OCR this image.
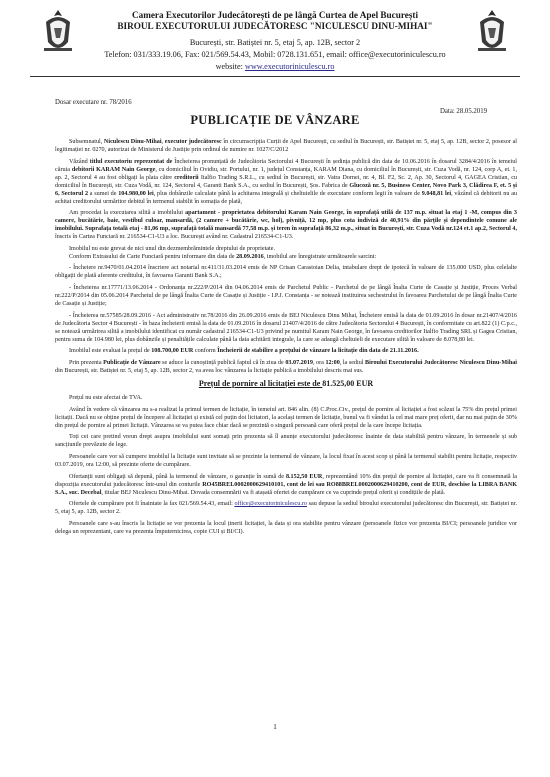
Camera Executorilor Judecătorești de pe lângă Curtea de Apel București
BIROUL EXECUTORULUI JUDECĂTORESC "NICULESCU DINU-MIHAI"
București, str. Batiștei nr. 5, etaj 5, ap. 12B, sector 2
Telefon: 031/333.19.06, Fax: 021/569.54.43, Mobil: 0728.131.651, email: office@executoriniculescu.ro
website: www.executoriniculescu.ro
Dosar executare nr. 78/2016
Data: 28.05.2019
PUBLICAȚIE DE VÂNZARE

Subsemnatul, Niculescu Dinu-Mihai, executor judecătoresc în circumscripția Curții de Apel București, cu sediul în București, str. Batiștei nr. 5, etaj 5, ap. 12B, sector 2, posesor al legitimației nr. 0270, autorizat de Ministerul de Justiție prin ordinul de numire nr. 1027/C/2012

Văzând titlul executoriu reprezentat de Încheierea pronunțată de Judecătoria Sectorului 4 București în ședința publică din data de 10.06.2016 în dosarul 3284/4/2016 în temeiul căruia debitorii KARAM Nain George, cu domiciliul în Ovidiu, str. Portului, nr. 1, județul Constanța, KARAM Diana, cu domiciliul în București, str. Cuza Vodă, nr. 124, corp A, et. 1, ap. 2, Sectorul 4 au fost obligați la plata către creditorii Italfio Trading S.R.L., cu sediul în București, str. Vatra Dornei, nr. 4, Bl. F2, Sc. 2, Ap. 30, Sectorul 4, GAGEA Cristian, cu domiciliul în București, str. Cuza Vodă, nr. 124, Sectorul 4, Garanti Bank S.A., cu sediul în București, Șos. Fabrica de Glucoză nr. 5, Business Center, Novo Park 3, Clădirea F, et. 5 și 6, Sectorul 2 a sumei de 104.980,00 lei, plus dobânzile calculate până la achitarea integrală și cheltuielile de executare conform legii în valoare de 9.048,81 lei, văzând că debitorii nu au achitat creditorului urmăritor debitul în termenul stabilit în somația de plată,

Am procedat la executarea silită a imobilului apartament - proprietatea debitorului Karam Nain George, în suprafață utilă de 137 m.p. situat la etaj 1 -M, compus din 3 camere, bucătărie, baie, vestibul culoar, mansardă, (2 camere + bucătărie, wc, hol), pivniță, 12 mp, plus cota indiviză de 40,91% din părțile și dependintele comune ale imobilului. Suprafața totală etaj - 81,06 mp, suprafață totală mansardă 77,58 m.p. și teren în suprafață 86,32 m.p., situat în București, str. Cuza Vodă nr.124 et.1 ap.2, Sectorul 4, înscris în Cartea Funciară nr. 216534-C1-U3 a loc. București având nr. Cadastral 216534-C1-U3.

Imobilul nu este grevat de nici unul din dezmembrămintele dreptului de proprietate.

Conform Extrasului de Carte Funciară pentru informare din data de 28.09.2016, imobilul are înregistrate următoarele sarcini:

- Încheiere nr.9470/01.04.2014 înscriere act notarial nr.411/31.03.2014 emis de NP Crisan Carastoian Delia, intabulare drept de ipotecă în valoare de 135.000 USD, plus celelalte obligații de plată aferente creditului, în favoarea Garanti Bank S.A.;

- Încheierea nr.17771/13.06.2014 - Ordonanța nr.222/P/2014 din 04.06.2014 emis de Parchetul Public - Parchetul de pe lângă Înalta Curte de Casație și Justiție, Proces Verbal nr.222/P/2014 din 05.06.2014 Parchetul de pe lângă Înalta Curte de Casație și Justiție - I.P.J. Constanța - se notează instituirea sechestrului în favoarea Parchetului de pe lângă Înalta Curte de Casație și Justiție;

- Încheierea nr.57585/28.09.2016 - Act administrativ nr.78/2016 din 26.09.2016 emis de BEJ Niculescu Dinu Mihai, Încheiere emisă la data de 01.09.2016 în dosar nr.21407/4/2016 de Judecătoria Sector 4 București - în baza încheierii emisă la data de 01.09.2016 în dosarul 21407/4/2016 de către Judecătoria Sectorului 4 București, în conformitate cu art.822 (1) C.p.c., se notează urmărirea silită a imobilului identificat cu număr cadastral 216534-C1-U3 privind pe numitul Karam Nain George, în favoarea creditorilor Italfio Trading SRL și Gagea Cristian, pentru suma de 104.980 lei, plus dobânzile și penalitățile calculate până la data achitării integrale, la care se adaugă cheltuieli de executare silită în valoare de 8.078,80 lei.

Imobilul este evaluat la prețul de 108.700,00 EUR conform Încheierii de stabilire a prețului de vânzare la licitație din data de 21.11.2016.

Prin prezenta Publicație de Vânzare se aduce la cunoștință publică faptul că în ziua de 03.07.2019, ora 12:00, la sediul Biroului Executorului Judecătoresc Niculescu Dinu-Mihai din București, str. Batiștei nr. 5, etaj 5, ap. 12B, sector 2, va avea loc vânzarea la licitație publică a imobilului descris mai sus.

Prețul de pornire al licitației este de 81.525,00 EUR

Prețul nu este afectat de TVA.

Având în vedere că vânzarea nu s-a realizat la primul termen de licitație, în temeiul art. 846 alin. (8) C.Proc.Civ., prețul de pornire al licitației a fost scăzut la 75% din prețul primei licitații. Dacă nu se obține prețul de începere al licitației și există cel puțin doi licitatori, la același termen de licitație, bunul va fi vândut la cel mai mare preț oferit, dar nu mai puțin de 30% din prețul de pornire al primei licitații. Vânzarea se va putea face chiar dacă se prezintă o singură persoană care oferă prețul de la care începe licitația.

Toți cei care pretind vreun drept asupra imobilului sunt somați prin prezenta să îl anunțe executorului judecătoresc înainte de data stabilită pentru vânzare, în termenele și sub sancțiunile prevăzute de lege.

Persoanele care vor să cumpere imobilul la licitație sunt invitate să se prezinte la termenul de vânzare, la locul fixat în acest scop și până la termenul stabilit pentru licitație, respectiv 03.07.2019, ora 12:00, să prezinte oferte de cumpărare.

Ofertanții sunt obligați să depună, până la termenul de vânzare, o garanție în sumă de 8.152,50 EUR, reprezentând 10% din prețul de pornire al licitației, care va fi consemnată la dispoziția executorului judecătoresc într-unul din conturile RO45BREL0002000629410101, cont de lei sau RO88BREL0002000629410200, cont de EUR, deschise la LIBRA BANK S.A., suc. Decebal, titular BEJ Niculescu Dinu-Mihai. Dovada consemnării va fi atașată ofertei de cumpărare ce va cuprinde prețul oferit și condițiile de plată.

Ofertele de cumpărare pot fi înaintate la fax 021/569.54.43, email: office@executoriniculescu.ro sau depuse la sediul biroului executorului judecătoresc din București, str. Batiștei nr. 5, etaj 5, ap. 12B, sector 2.

Persoanele care s-au înscris la licitație se vor prezenta la locul ținerii licitației, la data și ora stabilite pentru vânzare (persoanele fizice vor prezenta BI/CI; persoanele juridice vor delega un reprezentant, care va prezenta împuternicirea, copie CUI și BI/CI).

1
